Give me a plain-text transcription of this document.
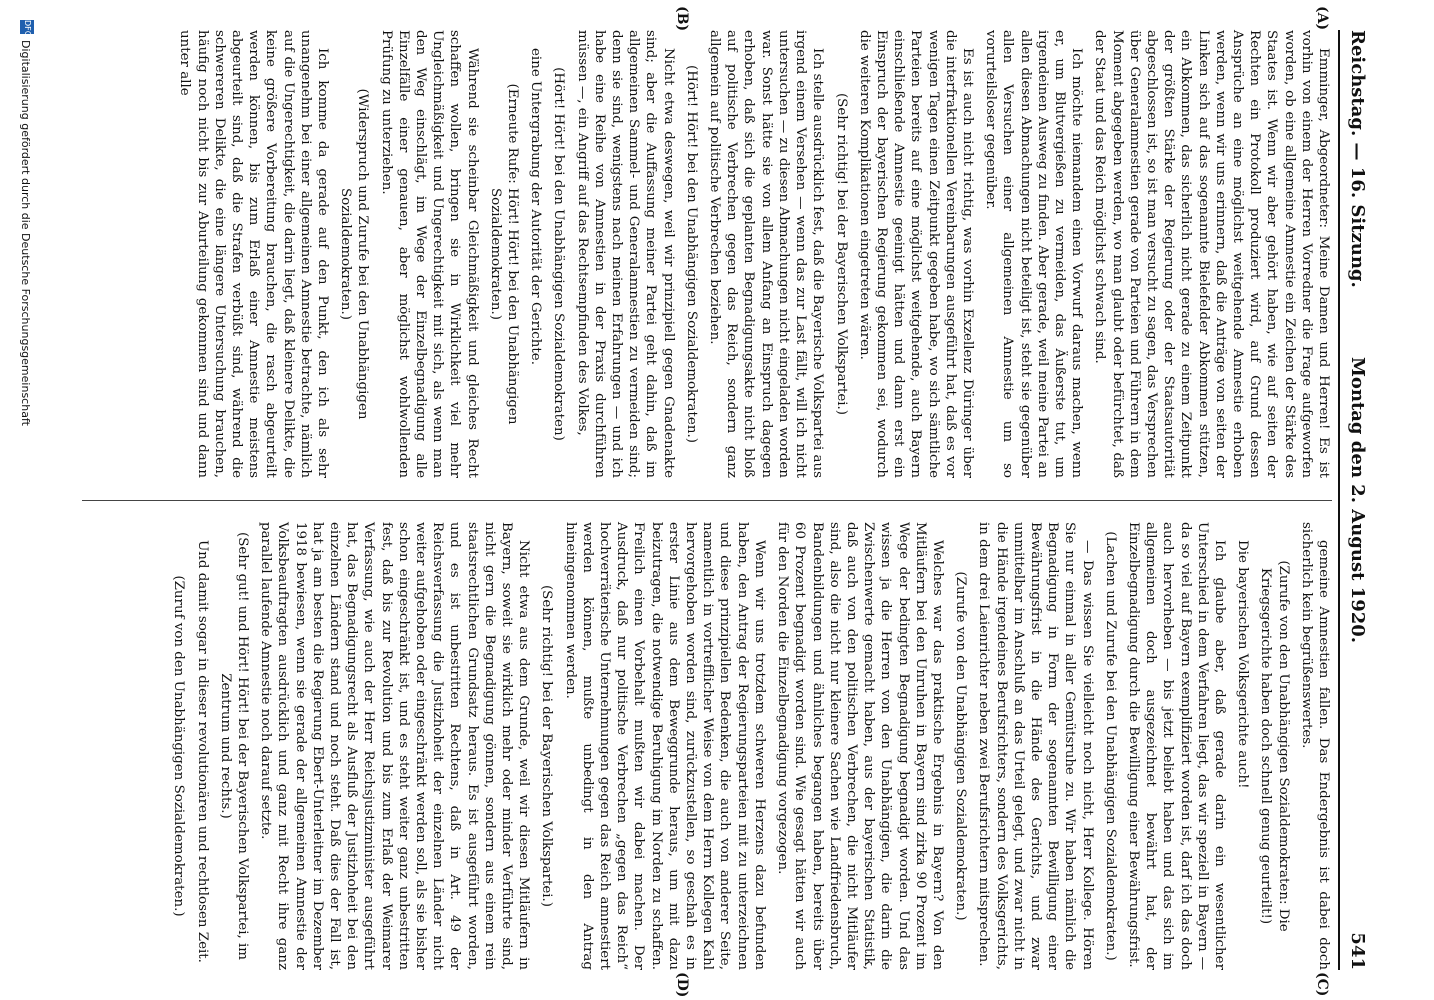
Reichstag. — 16. Sitzung.
Montag den 2. August 1920.
541
(A)
(B)
(C)
(D)

Emminger, Abgeordneter: Meine Damen und Herren! Es ist vorhin von einem der Herren Vorredner die Frage aufgeworfen worden, ob eine allgemeine Amnestie ein Zeichen der Stärke des Staates ist. Wenn wir aber gehört haben, wie auf seiten der Rechten ein Protokoll produziert wird, auf Grund dessen Ansprüche an eine möglichst weitgehende Amnestie erhoben werden, wenn wir uns erinnern, daß die Anträge von seiten der Linken sich auf das sogenannte Bielefelder Abkommen stützen, ein Abkommen, das sicherlich nicht gerade zu einem Zeitpunkt der größten Stärke der Regierung oder der Staatsautorität abgeschlossen ist, so ist man versucht zu sagen, das Versprechen über Generalamnestien gerade von Parteien und Führern in dem Moment abgegeben werden, wo man glaubt oder befürchtet, daß der Staat und das Reich möglichst schwach sind.

Ich möchte niemandem einen Vorwurf daraus machen, wenn er, um Blutvergießen zu vermeiden, das Äußerste tut, um irgendeinen Ausweg zu finden. Aber gerade, weil meine Partei an allen diesen Abmachungen nicht beteiligt ist, steht sie gegenüber allen Versuchen einer allgemeinen Amnestie um so vorurteilsloser gegenüber.

Es ist auch nicht richtig, was vorhin Exzellenz Düringer über die interfraktionellen Vereinbarungen ausgeführt hat, daß es vor wenigen Tagen einen Zeitpunkt gegeben habe, wo sich sämtliche Parteien bereits auf eine möglichst weitgehende, auch Bayern einschließende Amnestie geeinigt hätten und dann erst ein Einspruch der bayerischen Regierung gekommen sei, wodurch die weiteren Komplikationen eingetreten wären.

(Sehr richtig! bei der Bayerischen Volkspartei.)

Ich stelle ausdrücklich fest, daß die Bayerische Volkspartei aus irgend einem Versehen — wenn das zur Last fällt, will ich nicht untersuchen — zu diesen Abmachungen nicht eingeladen worden war. Sonst hätte sie von allem Anfang an Einspruch dagegen erhoben, daß sich die geplanten Begnadigungsakte nicht bloß auf politische Verbrechen gegen das Reich, sondern ganz allgemein auf politische Verbrechen beziehen.

(Hört! Hört! bei den Unabhängigen Sozialdemokraten.)

Nicht etwa deswegen, weil wir prinzipiell gegen Gnadenakte sind; aber die Auffassung meiner Partei geht dahin, daß im allgemeinen Sammel- und Generalamnestien zu vermeiden sind; denn sie sind, wenigstens nach meinen Erfahrungen — und ich habe eine Reihe von Amnestien in der Praxis durchführen müssen —, ein Angriff auf das Rechtsempfinden des Volkes,

(Hört! Hört! bei den Unabhängigen Sozialdemokraten)

eine Untergrabung der Autorität der Gerichte.

(Erneute Rufe: Hört! Hört! bei den Unabhängigen Sozialdemokraten.)

Während sie scheinbar Gleichmäßigkeit und gleiches Recht schaffen wollen, bringen sie in Wirklichkeit viel mehr Ungleichmäßigkeit und Ungerechtigkeit mit sich, als wenn man den Weg einschlägt, im Wege der Einzelbegnadigung alle Einzelfälle einer genauen, aber möglichst wohlwollenden Prüfung zu unterziehen.

(Widerspruch und Zurufe bei den Unabhängigen Sozialdemokraten.)

Ich komme da gerade auf den Punkt, den ich als sehr unangenehm bei einer allgemeinen Amnestie betrachte, nämlich auf die Ungerechtigkeit, die darin liegt, daß kleinere Delikte, die keine größere Vorbereitung brauchen, die rasch abgeurteilt werden können, bis zum Erlaß einer Amnestie meistens abgeurteilt sind, daß die Strafen verbüßt sind, während die schwereren Delikte, die eine längere Untersuchung brauchen, häufig noch nicht bis zur Aburteilung gekommen sind und dann unter alle

gemeine Amnestien fallen. Das Endergebnis ist dabei doch sicherlich kein begrüßenswertes.

(Zurufe von den Unabhängigen Sozialdemokraten: Die Kriegsgerichte haben doch schnell genug geurteilt!)

Die bayerischen Volksgerichte auch!

Ich glaube aber, daß gerade darin ein wesentlicher Unterschied in dem Verfahren liegt, das wir speziell in Bayern — da so viel auf Bayern exemplifiziert worden ist, darf ich das doch auch hervorheben — bis jetzt beliebt haben und das sich im allgemeinen doch ausgezeichnet bewährt hat, der Einzelbegnadigung durch die Bewilligung einer Bewährungsfrist.

(Lachen und Zurufe bei den Unabhängigen Sozialdemokraten.)

— Das wissen Sie vielleicht noch nicht, Herr Kollege. Hören Sie nur einmal in aller Gemütsruhe zu. Wir haben nämlich die Begnadigung in Form der sogenannten Bewilligung einer Bewährungsfrist in die Hände des Gerichts, und zwar unmittelbar im Anschluß an das Urteil gelegt, und zwar nicht in die Hände irgendeines Berufsrichters, sondern des Volksgerichts, in dem drei Laienrichter neben zwei Berufsrichtern mitsprechen.

(Zurufe von den Unabhängigen Sozialdemokraten.)

Welches war das praktische Ergebnis in Bayern? Von den Mitläufern bei den Unruhen in Bayern sind zirka 90 Prozent im Wege der bedingten Begnadigung begnadigt worden. Und das wissen ja die Herren von den Unabhängigen, die darin die Zwischenwerte gemacht haben, aus der bayerischen Statistik, daß auch von den politischen Verbrechen, die nicht Mitläufer sind, also die nicht nur kleinere Sachen wie Landfriedensbruch, Bandenbildungen und ähnliches begangen haben, bereits über 60 Prozent begnadigt worden sind. Wie gesagt hätten wir auch für den Norden die Einzelbegnadigung vorgezogen.

Wenn wir uns trotzdem schweren Herzens dazu befunden haben, den Antrag der Regierungsparteien mit zu unterzeichnen und diese prinzipiellen Bedenken, die auch von anderer Seite, namentlich in vortrefflicher Weise von dem Herrn Kollegen Kahl hervorgehoben worden sind, zurückzustellen, so geschah es in erster Linie aus dem Beweggrunde heraus, um mit dazu beizutragen, die notwendige Beruhigung im Norden zu schaffen. Freilich einen Vorbehalt mußten wir dabei machen. Der Ausdruck, daß nur politische Verbrechen „gegen das Reich“ hochverräterische Unternehmungen gegen das Reich amnestiert werden können, mußte unbedingt in den Antrag hineingenommen werden.

(Sehr richtig! bei der Bayerischen Volkspartei.)

Nicht etwa aus dem Grunde, weil wir diesen Mitläufern in Bayern, soweit sie wirklich mehr oder minder Verführte sind, nicht gern die Begnadigung gönnen, sondern aus einem rein staatsrechtlichen Grundsatz heraus. Es ist ausgeführt worden, und es ist unbestritten Rechtens, daß in Art. 49 der Reichsverfassung die Justizhoheit der einzelnen Länder nicht weiter aufgehoben oder eingeschränkt werden soll, als sie bisher schon eingeschränkt ist, und es steht weiter ganz unbestritten fest, daß bis zur Revolution und bis zum Erlaß der Weimarer Verfassung, wie auch der Herr Reichsjustizminister ausgeführt hat, das Begnadigungsrecht als Ausfluß der Justizhoheit bei den einzelnen Ländern stand und noch steht. Daß dies der Fall ist, hat ja am besten die Regierung Ebert-Unterleitner im Dezember 1918 bewiesen, wenn sie gerade der allgemeinen Amnestie der Volksbeauftragten ausdrücklich und ganz mit Recht ihre ganz parallel laufende Amnestie noch darauf setzte.

(Sehr gut! und Hört! Hört! bei der Bayerischen Volkspartei, im Zentrum und rechts.)

Und damit sogar in dieser revolutionären und rechtlosen Zeit.

(Zuruf von den Unabhängigen Sozialdemokraten.)

DFG
Digitalisierung gefördert durch die Deutsche Forschungsgemeinschaft
